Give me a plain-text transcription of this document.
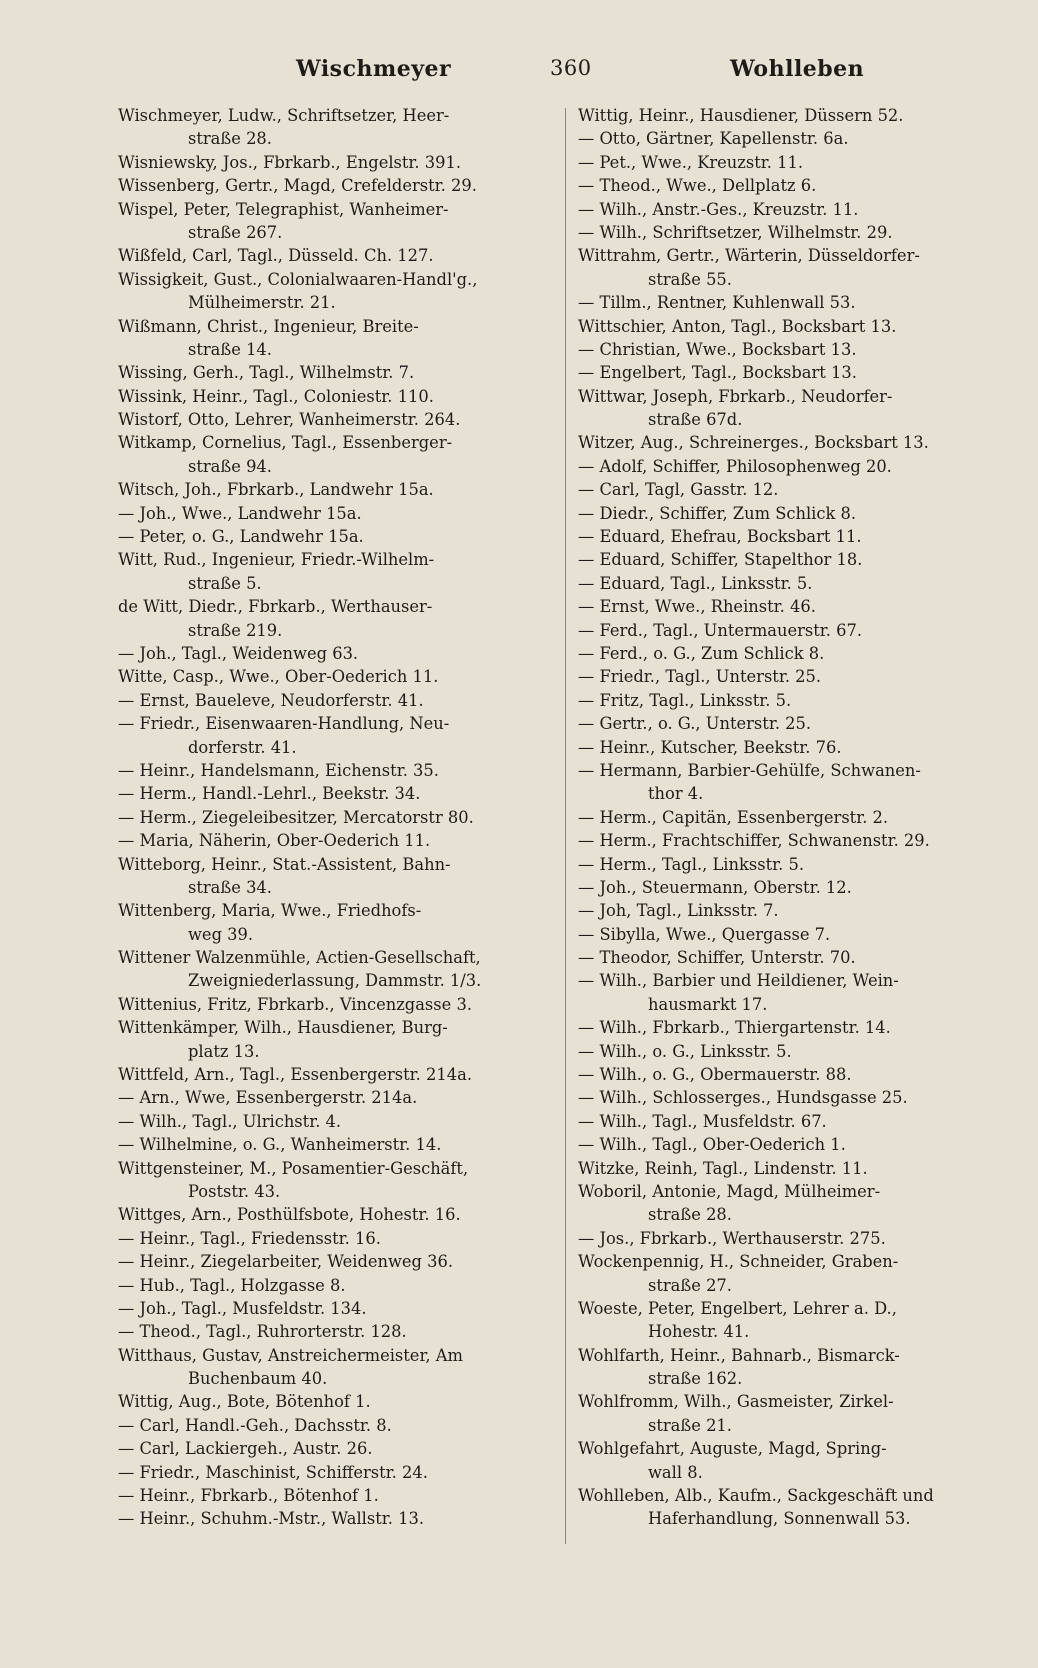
Wischmeyer	360	Wohlleben
Wischmeyer, Ludw., Schriftsetzer, Heer-
straße 28.
Wisniewsky, Jos., Fbrkarb., Engelstr. 391.
Wissenberg, Gertr., Magd, Crefelderstr. 29.
Wispel, Peter, Telegraphist, Wanheimer-
straße 267.
Wißfeld, Carl, Tagl., Düsseld. Ch. 127.
Wissigkeit, Gust., Colonialwaaren-Handl'g.,
Mülheimerstr. 21.
Wißmann, Christ., Ingenieur, Breite-
straße 14.
Wissing, Gerh., Tagl., Wilhelmstr. 7.
Wissink, Heinr., Tagl., Coloniestr. 110.
Wistorf, Otto, Lehrer, Wanheimerstr. 264.
Witkamp, Cornelius, Tagl., Essenberger-
straße 94.
Witsch, Joh., Fbrkarb., Landwehr 15a.
— Joh., Wwe., Landwehr 15a.
— Peter, o. G., Landwehr 15a.
Witt, Rud., Ingenieur, Friedr.-Wilhelm-
straße 5.
de Witt, Diedr., Fbrkarb., Werthauser-
straße 219.
— Joh., Tagl., Weidenweg 63.
Witte, Casp., Wwe., Ober-Oederich 11.
— Ernst, Baueleve, Neudorferstr. 41.
— Friedr., Eisenwaaren-Handlung, Neu-
dorferstr. 41.
— Heinr., Handelsmann, Eichenstr. 35.
— Herm., Handl.-Lehrl., Beekstr. 34.
— Herm., Ziegeleibesitzer, Mercatorstr 80.
— Maria, Näherin, Ober-Oederich 11.
Witteborg, Heinr., Stat.-Assistent, Bahn-
straße 34.
Wittenberg, Maria, Wwe., Friedhofs-
weg 39.
Wittener Walzenmühle, Actien-Gesellschaft,
Zweigniederlassung, Dammstr. 1/3.
Wittenius, Fritz, Fbrkarb., Vincenzgasse 3.
Wittenkämper, Wilh., Hausdiener, Burg-
platz 13.
Wittfeld, Arn., Tagl., Essenbergerstr. 214a.
— Arn., Wwe, Essenbergerstr. 214a.
— Wilh., Tagl., Ulrichstr. 4.
— Wilhelmine, o. G., Wanheimerstr. 14.
Wittgensteiner, M., Posamentier-Geschäft,
Poststr. 43.
Wittges, Arn., Posthülfsbote, Hohestr. 16.
— Heinr., Tagl., Friedensstr. 16.
— Heinr., Ziegelarbeiter, Weidenweg 36.
— Hub., Tagl., Holzgasse 8.
— Joh., Tagl., Musfeldstr. 134.
— Theod., Tagl., Ruhrorterstr. 128.
Witthaus, Gustav, Anstreichermeister, Am
Buchenbaum 40.
Wittig, Aug., Bote, Bötenhof 1.
— Carl, Handl.-Geh., Dachsstr. 8.
— Carl, Lackiergeh., Austr. 26.
— Friedr., Maschinist, Schifferstr. 24.
— Heinr., Fbrkarb., Bötenhof 1.
— Heinr., Schuhm.-Mstr., Wallstr. 13.
Wittig, Heinr., Hausdiener, Düssern 52.
— Otto, Gärtner, Kapellenstr. 6a.
— Pet., Wwe., Kreuzstr. 11.
— Theod., Wwe., Dellplatz 6.
— Wilh., Anstr.-Ges., Kreuzstr. 11.
— Wilh., Schriftsetzer, Wilhelmstr. 29.
Wittrahm, Gertr., Wärterin, Düsseldorfer-
straße 55.
— Tillm., Rentner, Kuhlenwall 53.
Wittschier, Anton, Tagl., Bocksbart 13.
— Christian, Wwe., Bocksbart 13.
— Engelbert, Tagl., Bocksbart 13.
Wittwar, Joseph, Fbrkarb., Neudorfer-
straße 67d.
Witzer, Aug., Schreinerges., Bocksbart 13.
— Adolf, Schiffer, Philosophenweg 20.
— Carl, Tagl, Gasstr. 12.
— Diedr., Schiffer, Zum Schlick 8.
— Eduard, Ehefrau, Bocksbart 11.
— Eduard, Schiffer, Stapelthor 18.
— Eduard, Tagl., Linksstr. 5.
— Ernst, Wwe., Rheinstr. 46.
— Ferd., Tagl., Untermauerstr. 67.
— Ferd., o. G., Zum Schlick 8.
— Friedr., Tagl., Unterstr. 25.
— Fritz, Tagl., Linksstr. 5.
— Gertr., o. G., Unterstr. 25.
— Heinr., Kutscher, Beekstr. 76.
— Hermann, Barbier-Gehülfe, Schwanen-
thor 4.
— Herm., Capitän, Essenbergerstr. 2.
— Herm., Frachtschiffer, Schwanenstr. 29.
— Herm., Tagl., Linksstr. 5.
— Joh., Steuermann, Oberstr. 12.
— Joh, Tagl., Linksstr. 7.
— Sibylla, Wwe., Quergasse 7.
— Theodor, Schiffer, Unterstr. 70.
— Wilh., Barbier und Heildiener, Wein-
hausmarkt 17.
— Wilh., Fbrkarb., Thiergartenstr. 14.
— Wilh., o. G., Linksstr. 5.
— Wilh., o. G., Obermauerstr. 88.
— Wilh., Schlosserges., Hundsgasse 25.
— Wilh., Tagl., Musfeldstr. 67.
— Wilh., Tagl., Ober-Oederich 1.
Witzke, Reinh, Tagl., Lindenstr. 11.
Woboril, Antonie, Magd, Mülheimer-
straße 28.
— Jos., Fbrkarb., Werthauserstr. 275.
Wockenpennig, H., Schneider, Graben-
straße 27.
Woeste, Peter, Engelbert, Lehrer a. D.,
Hohestr. 41.
Wohlfarth, Heinr., Bahnarb., Bismarck-
straße 162.
Wohlfromm, Wilh., Gasmeister, Zirkel-
straße 21.
Wohlgefahrt, Auguste, Magd, Spring-
wall 8.
Wohlleben, Alb., Kaufm., Sackgeschäft und
Haferhandlung, Sonnenwall 53.
